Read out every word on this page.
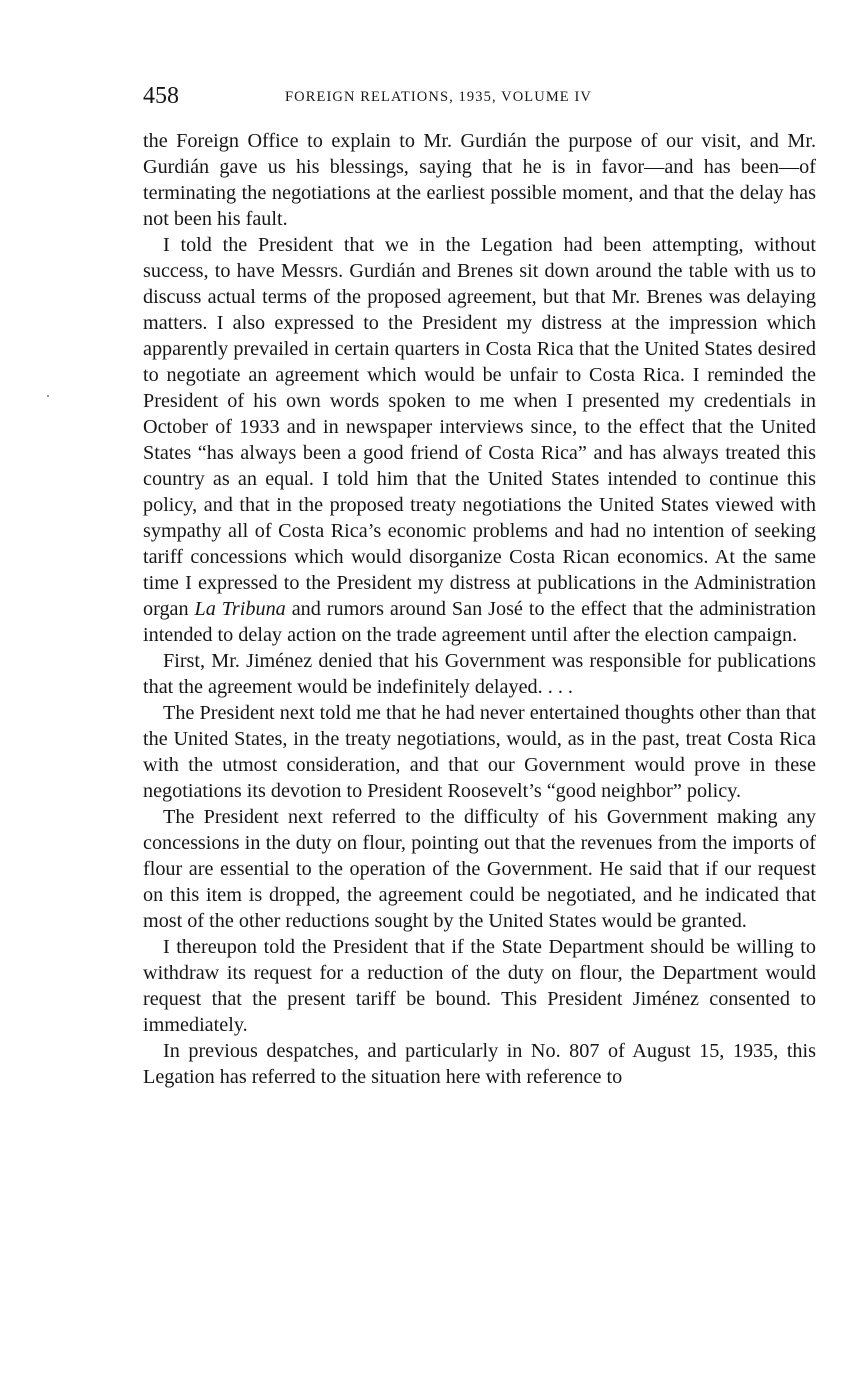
458	FOREIGN RELATIONS, 1935, VOLUME IV

the Foreign Office to explain to Mr. Gurdián the purpose of our visit, and Mr. Gurdián gave us his blessings, saying that he is in favor—and has been—of terminating the negotiations at the earliest possible moment, and that the delay has not been his fault.

I told the President that we in the Legation had been attempting, without success, to have Messrs. Gurdián and Brenes sit down around the table with us to discuss actual terms of the proposed agreement, but that Mr. Brenes was delaying matters. I also expressed to the President my distress at the impression which apparently prevailed in certain quarters in Costa Rica that the United States desired to negotiate an agreement which would be unfair to Costa Rica. I reminded the President of his own words spoken to me when I presented my credentials in October of 1933 and in newspaper interviews since, to the effect that the United States “has always been a good friend of Costa Rica” and has always treated this country as an equal. I told him that the United States intended to continue this policy, and that in the proposed treaty negotiations the United States viewed with sympathy all of Costa Rica’s economic problems and had no intention of seeking tariff concessions which would disorganize Costa Rican economics. At the same time I expressed to the President my distress at publications in the Administration organ La Tribuna and rumors around San José to the effect that the administration intended to delay action on the trade agreement until after the election campaign.

First, Mr. Jiménez denied that his Government was responsible for publications that the agreement would be indefinitely delayed. . . .

The President next told me that he had never entertained thoughts other than that the United States, in the treaty negotiations, would, as in the past, treat Costa Rica with the utmost consideration, and that our Government would prove in these negotiations its devotion to President Roosevelt’s “good neighbor” policy.

The President next referred to the difficulty of his Government making any concessions in the duty on flour, pointing out that the revenues from the imports of flour are essential to the operation of the Government. He said that if our request on this item is dropped, the agreement could be negotiated, and he indicated that most of the other reductions sought by the United States would be granted.

I thereupon told the President that if the State Department should be willing to withdraw its request for a reduction of the duty on flour, the Department would request that the present tariff be bound. This President Jiménez consented to immediately.

In previous despatches, and particularly in No. 807 of August 15, 1935, this Legation has referred to the situation here with reference to
